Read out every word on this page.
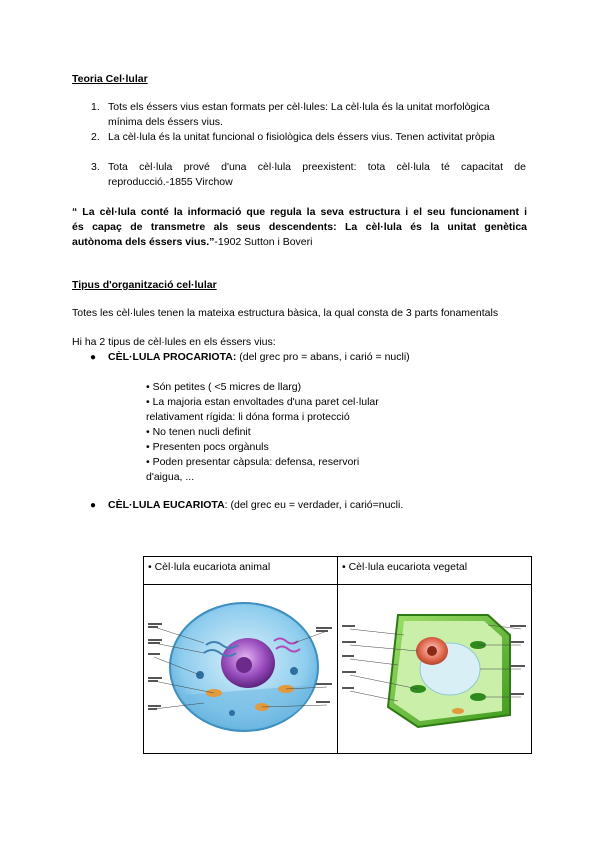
Teoria Cel·lular
1. Tots els éssers vius estan formats per cèl·lules: La cèl·lula és la unitat morfològica
mínima dels éssers vius.
2. La cèl·lula és la unitat funcional o fisiològica dels éssers vius. Tenen activitat pròpia
3. Tota cèl·lula prové d'una cèl·lula preexistent: tota cèl·lula té capacitat de
reproducció.-1855 Virchow
“ La cèl·lula conté la informació que regula la seva estructura i el seu funcionament i
és capaç de transmetre als seus descendents: La cèl·lula és la unitat genètica
autònoma dels éssers vius.”-1902 Sutton i Boveri
Tipus d'organització cel·lular
Totes les cèl·lules tenen la mateixa estructura bàsica, la qual consta de 3 parts fonamentals
Hi ha 2 tipus de cèl·lules en els éssers vius:
● CÈL·LULA PROCARIOTA: (del grec pro = abans, i carió = nucli)
• Són petites ( <5 micres de llarg)
• La majoria estan envoltades d'una paret cel·lular
relativament rígida: li dóna forma i protecció
• No tenen nucli definit
• Presenten pocs orgànuls
• Poden presentar càpsula: defensa, reservori
d'aigua, ...
● CÈL·LULA EUCARIOTA: (del grec eu = verdader, i carió=nucli.
• Cèl·lula eucariota animal	• Cèl·lula eucariota vegetal
